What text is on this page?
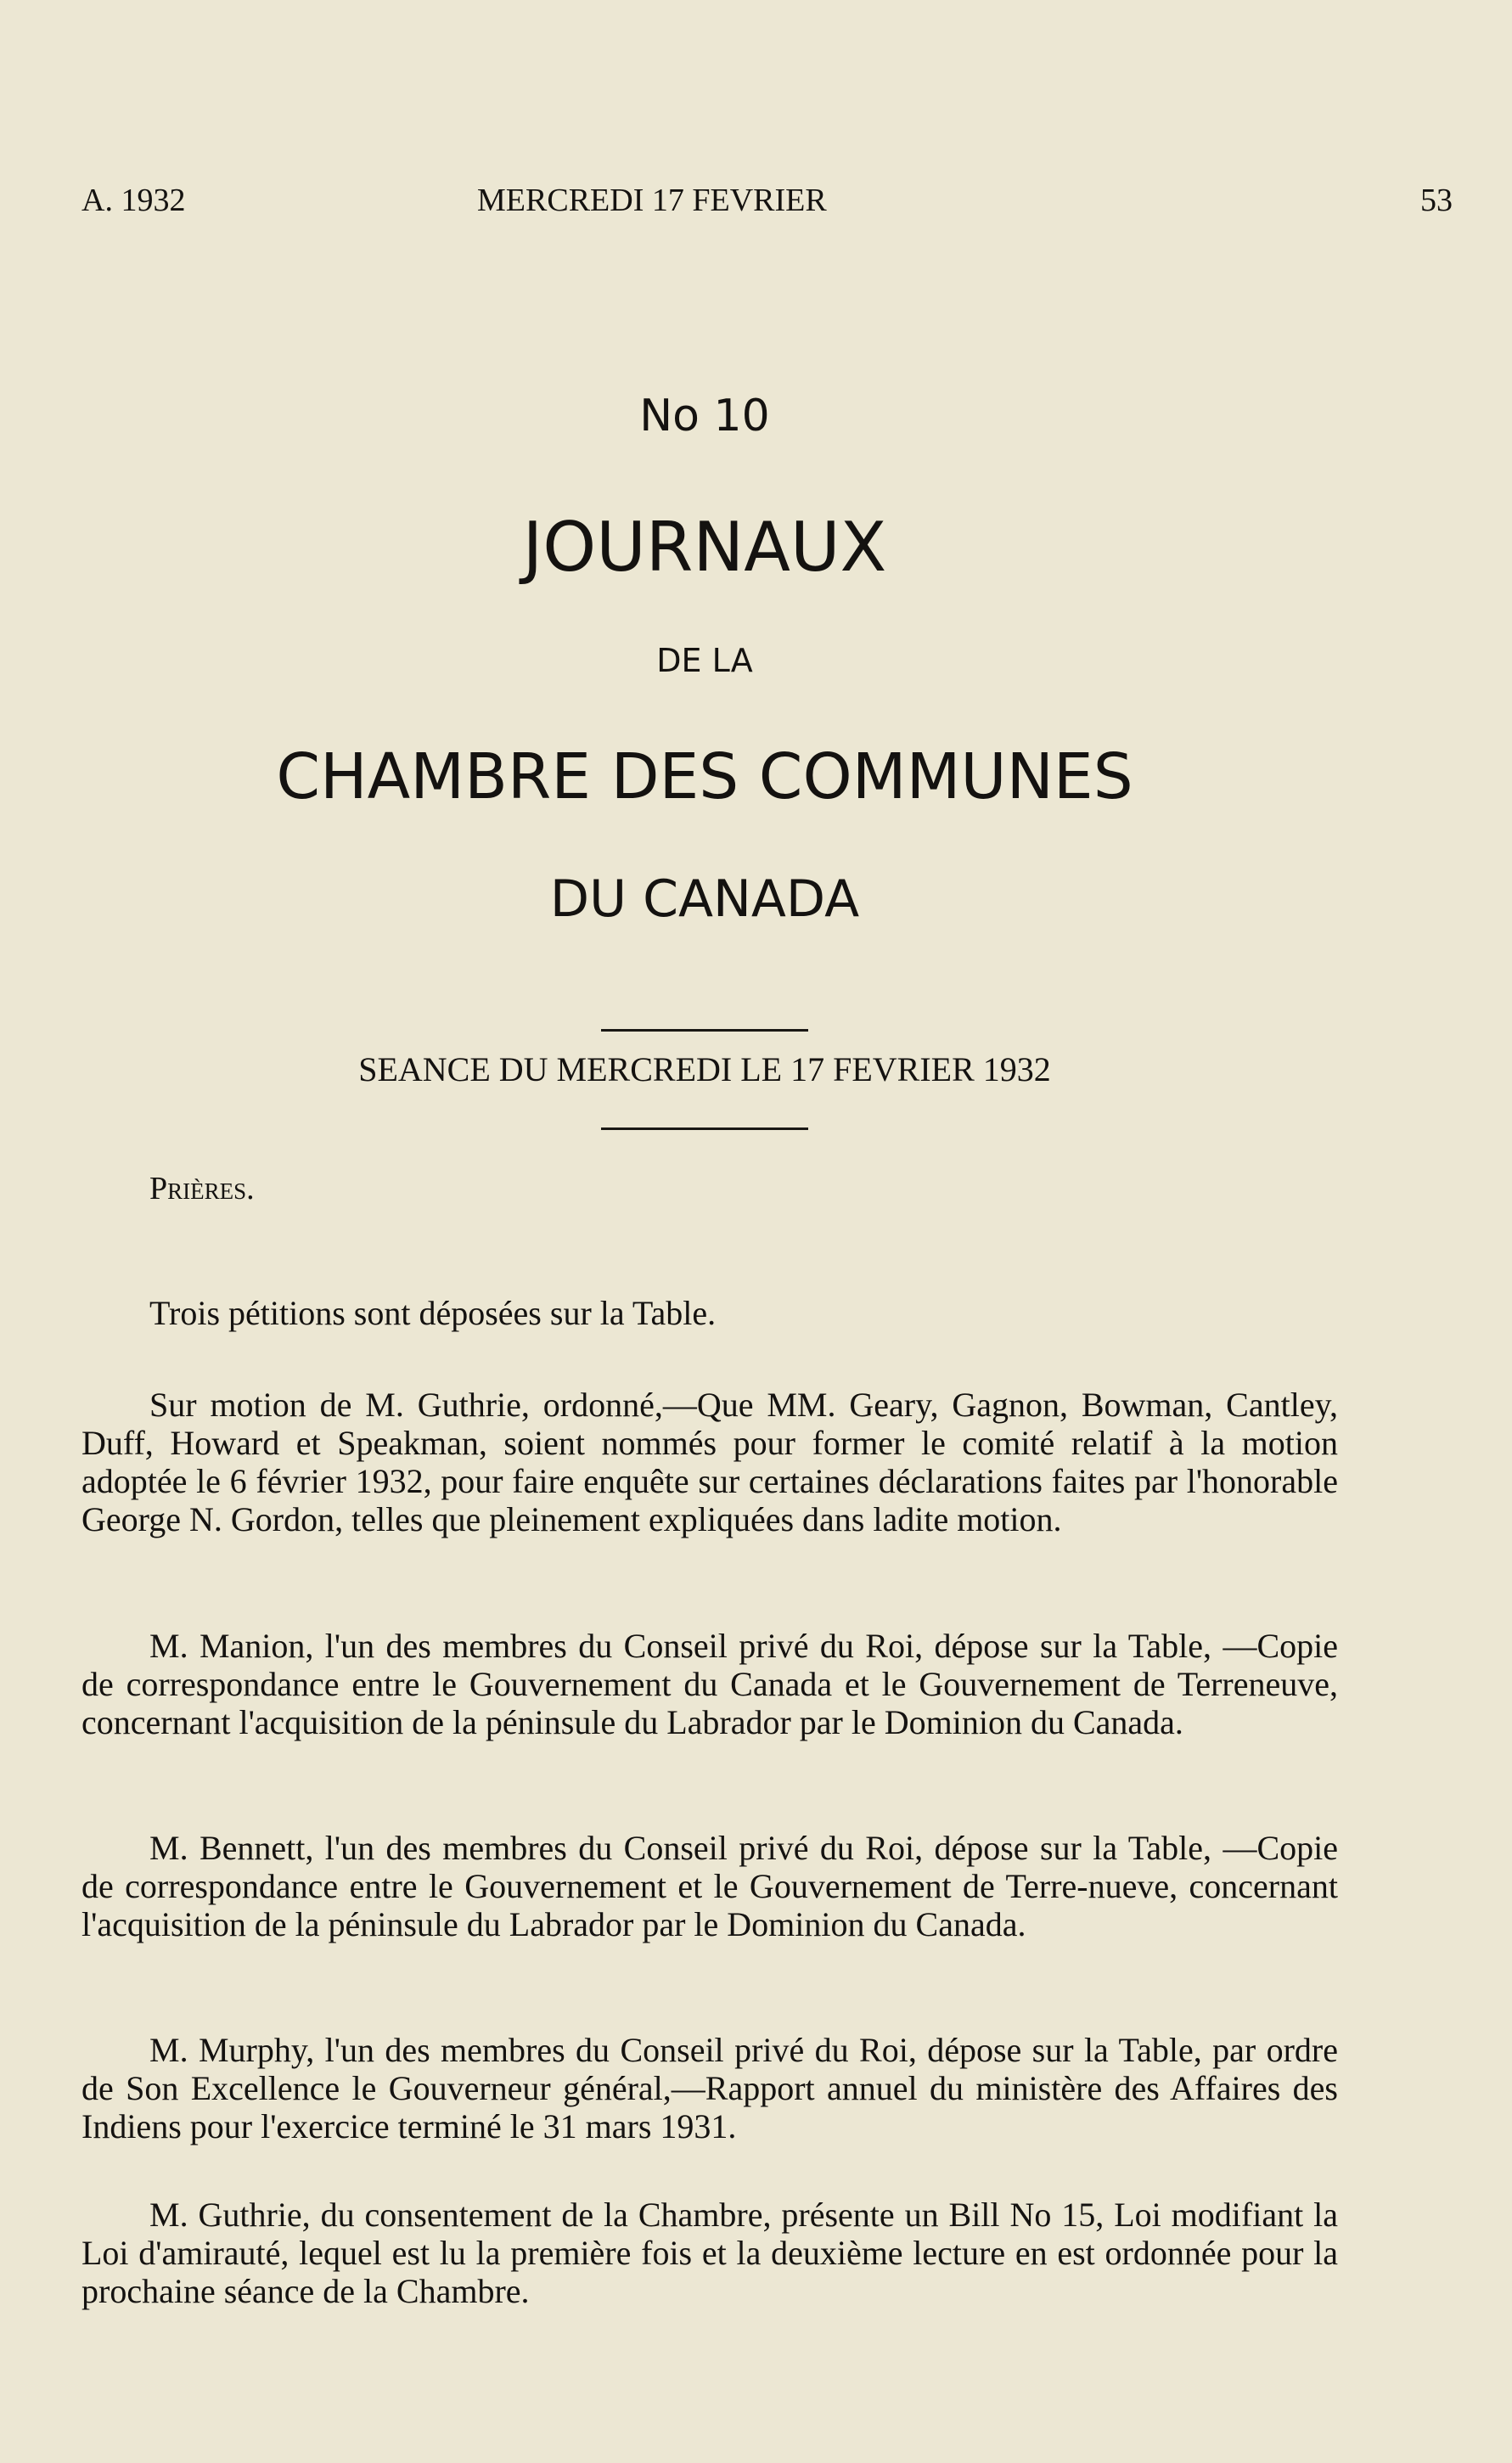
A. 1932	MERCREDI 17 FEVRIER	53
No 10
JOURNAUX
DE LA
CHAMBRE DES COMMUNES
DU CANADA
SEANCE DU MERCREDI LE 17 FEVRIER 1932
Prières.

Trois pétitions sont déposées sur la Table.

Sur motion de M. Guthrie, ordonné,—Que MM. Geary, Gagnon, Bowman, Cantley, Duff, Howard et Speakman, soient nommés pour former le comité relatif à la motion adoptée le 6 février 1932, pour faire enquête sur certaines déclarations faites par l'honorable George N. Gordon, telles que pleinement expliquées dans ladite motion.

M. Manion, l'un des membres du Conseil privé du Roi, dépose sur la Table, —Copie de correspondance entre le Gouvernement du Canada et le Gouvernement de Terreneuve, concernant l'acquisition de la péninsule du Labrador par le Dominion du Canada.

M. Bennett, l'un des membres du Conseil privé du Roi, dépose sur la Table, —Copie de correspondance entre le Gouvernement et le Gouvernement de Terre-nueve, concernant l'acquisition de la péninsule du Labrador par le Dominion du Canada.

M. Murphy, l'un des membres du Conseil privé du Roi, dépose sur la Table, par ordre de Son Excellence le Gouverneur général,—Rapport annuel du ministère des Affaires des Indiens pour l'exercice terminé le 31 mars 1931.

M. Guthrie, du consentement de la Chambre, présente un Bill No 15, Loi modifiant la Loi d'amirauté, lequel est lu la première fois et la deuxième lecture en est ordonnée pour la prochaine séance de la Chambre.
